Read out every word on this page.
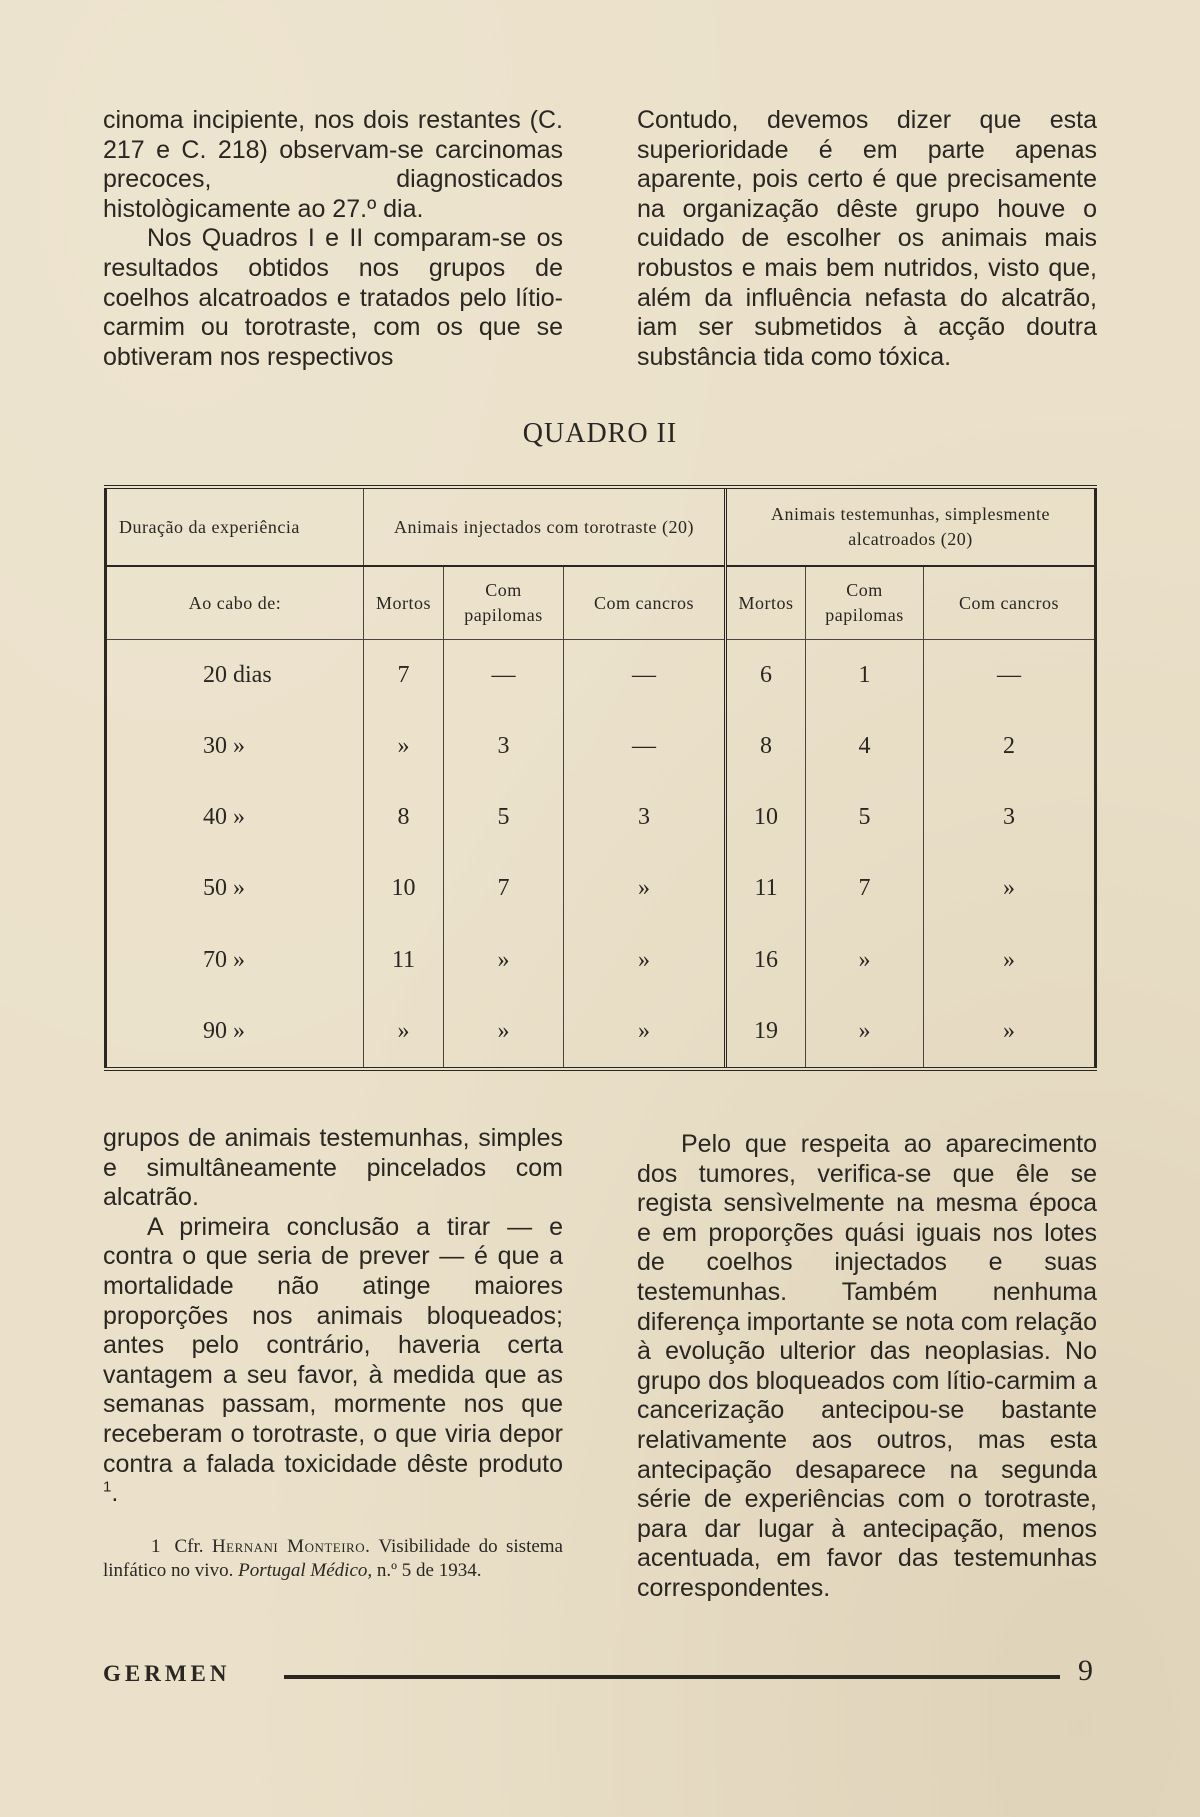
cinoma incipiente, nos dois restantes (C. 217 e C. 218) observam-se carcinomas precoces, diagnosticados histològicamente ao 27.º dia.

Nos Quadros I e II comparam-se os resultados obtidos nos grupos de coelhos alcatroados e tratados pelo lítio-carmim ou torotraste, com os que se obtiveram nos respectivos

Contudo, devemos dizer que esta superioridade é em parte apenas aparente, pois certo é que precisamente na organização dêste grupo houve o cuidado de escolher os animais mais robustos e mais bem nutridos, visto que, além da influência nefasta do alcatrão, iam ser submetidos à acção doutra substância tida como tóxica.

QUADRO II
Duração da experiência	Animais injectados com torotraste (20)			Animais testemunhas, simplesmente alcatroados (20)		
Ao cabo de:	Mortos	Com papilomas	Com cancros	Mortos	Com papilomas	Com cancros
20 dias	7	—	—	6	1	—
30 »	»	3	—	8	4	2
40 »	8	5	3	10	5	3
50 »	10	7	»	11	7	»
70 »	11	»	»	16	»	»
90 »	»	»	»	19	»	»

grupos de animais testemunhas, simples e simultâneamente pincelados com alcatrão.

A primeira conclusão a tirar — e contra o que seria de prever — é que a mortalidade não atinge maiores proporções nos animais bloqueados; antes pelo contrário, haveria certa vantagem a seu favor, à medida que as semanas passam, mormente nos que receberam o torotraste, o que viria depor contra a falada toxicidade dêste produto $^1$.

Pelo que respeita ao aparecimento dos tumores, verifica-se que êle se regista sensìvelmente na mesma época e em proporções quási iguais nos lotes de coelhos injectados e suas testemunhas. Também nenhuma diferença importante se nota com relação à evolução ulterior das neoplasias. No grupo dos bloqueados com lítio-carmim a cancerização antecipou-se bastante relativamente aos outros, mas esta antecipação desaparece na segunda série de experiências com o torotraste, para dar lugar à antecipação, menos acentuada, em favor das testemunhas correspondentes.

1 Cfr. Hernani Monteiro. Visibilidade do sistema linfático no vivo. Portugal Médico, n.º 5 de 1934.
GERMEN	9
